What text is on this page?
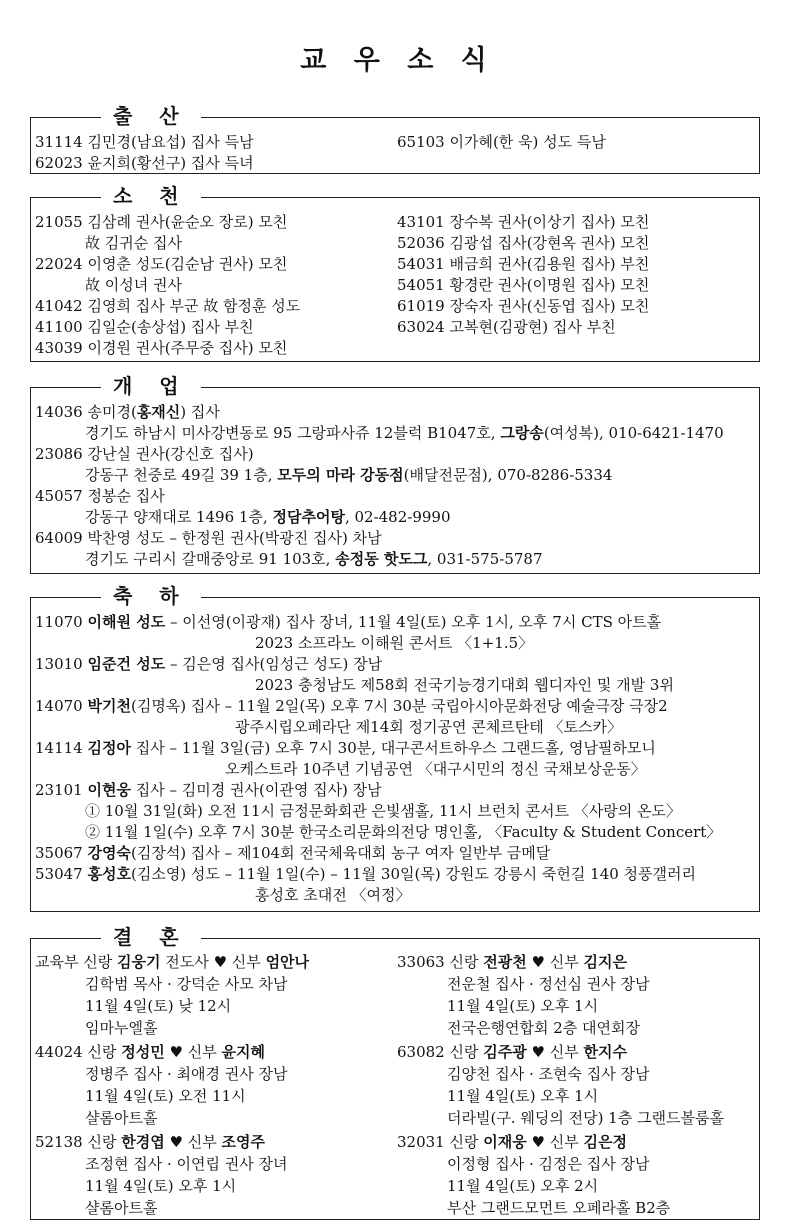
교 우 소 식
출 산
31114 김민경(남요섭) 집사 득남
62023 윤지희(황선구) 집사 득녀
65103 이가혜(한 욱) 성도 득남
소 천
21055 김삼례 권사(윤순오 장로) 모친
故 김귀순 집사
22024 이영춘 성도(김순남 권사) 모친
故 이성녀 권사
41042 김영희 집사 부군 故 함정훈 성도
41100 김일순(송상섭) 집사 부친
43039 이경원 권사(주무중 집사) 모친
43101 장수복 권사(이상기 집사) 모친
52036 김광섭 집사(강현옥 권사) 모친
54031 배금희 권사(김용원 집사) 부친
54051 황경란 권사(이명원 집사) 모친
61019 장숙자 권사(신동엽 집사) 모친
63024 고복현(김광현) 집사 부친
개 업
14036 송미경(홍재신) 집사
경기도 하남시 미사강변동로 95 그랑파사쥬 12블럭 B1047호, 그랑송(여성복), 010-6421-1470
23086 강난실 권사(강신호 집사)
강동구 천중로 49길 39 1층, 모두의 마라 강동점(배달전문점), 070-8286-5334
45057 정봉순 집사
강동구 양재대로 1496 1층, 정담추어탕, 02-482-9990
64009 박찬영 성도 – 한정원 권사(박광진 집사) 차남
경기도 구리시 갈매중앙로 91 103호, 송정동 핫도그, 031-575-5787
축 하
11070 이해원 성도 – 이선영(이광재) 집사 장녀, 11월 4일(토) 오후 1시, 오후 7시 CTS 아트홀
2023 소프라노 이해원 콘서트 〈1+1.5〉
13010 임준건 성도 – 김은영 집사(임성근 성도) 장남
2023 충청남도 제58회 전국기능경기대회 웹디자인 및 개발 3위
14070 박기천(김명옥) 집사 – 11월 2일(목) 오후 7시 30분 국립아시아문화전당 예술극장 극장2
광주시립오페라단 제14회 정기공연 콘체르탄테 〈토스카〉
14114 김정아 집사 – 11월 3일(금) 오후 7시 30분, 대구콘서트하우스 그랜드홀, 영남필하모니
오케스트라 10주년 기념공연 〈대구시민의 정신 국채보상운동〉
23101 이현웅 집사 – 김미경 권사(이관영 집사) 장남
① 10월 31일(화) 오전 11시 금정문화회관 은빛샘홀, 11시 브런치 콘서트 〈사랑의 온도〉
② 11월 1일(수) 오후 7시 30분 한국소리문화의전당 명인홀, 〈Faculty & Student Concert〉
35067 강영숙(김장석) 집사 – 제104회 전국체육대회 농구 여자 일반부 금메달
53047 홍성호(김소영) 성도 – 11월 1일(수) – 11월 30일(목) 강원도 강릉시 죽헌길 140 청풍갤러리
홍성호 초대전 〈여정〉
결 혼
교육부 신랑 김웅기 전도사 ♥ 신부 엄안나
김학범 목사 · 강덕순 사모 차남
11월 4일(토) 낮 12시
임마누엘홀
33063 신랑 전광천 ♥ 신부 김지은
전운철 집사 · 정선심 권사 장남
11월 4일(토) 오후 1시
전국은행연합회 2층 대연회장
44024 신랑 정성민 ♥ 신부 윤지혜
정병주 집사 · 최애경 권사 장남
11월 4일(토) 오전 11시
샬롬아트홀
63082 신랑 김주광 ♥ 신부 한지수
김양천 집사 · 조현숙 집사 장남
11월 4일(토) 오후 1시
더라빌(구. 웨딩의 전당) 1층 그랜드볼룸홀
52138 신랑 한경엽 ♥ 신부 조영주
조정현 집사 · 이연립 권사 장녀
11월 4일(토) 오후 1시
샬롬아트홀
32031 신랑 이재웅 ♥ 신부 김은정
이정형 집사 · 김정은 집사 장남
11월 4일(토) 오후 2시
부산 그랜드모먼트 오페라홀 B2층
